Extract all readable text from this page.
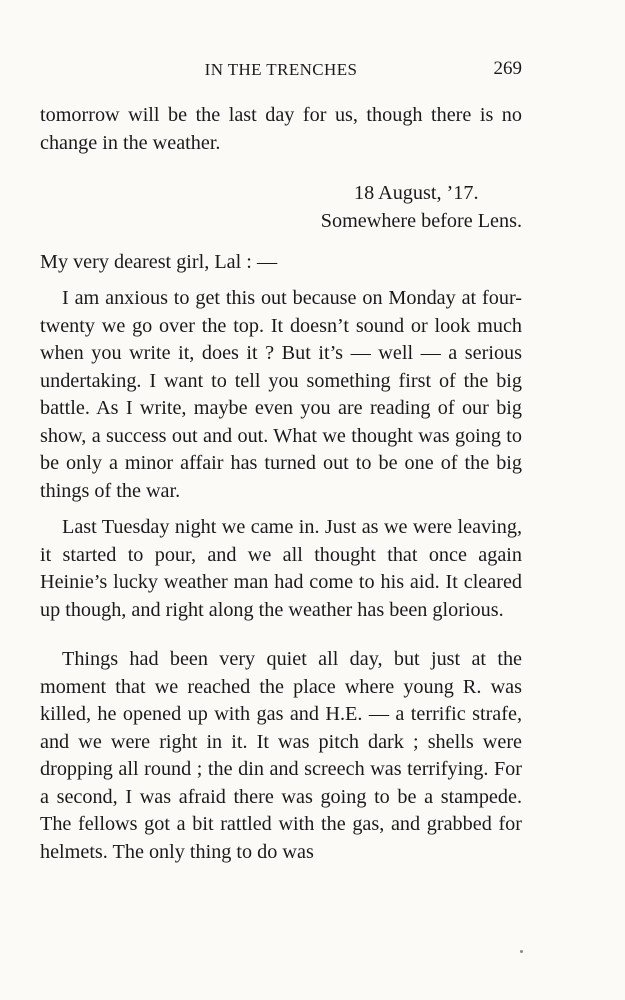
IN THE TRENCHES	269

tomorrow will be the last day for us, though there is no change in the weather.

18 August, ’17.
Somewhere before Lens.

My very dearest girl, Lal : —

I am anxious to get this out because on Monday at four-twenty we go over the top. It doesn’t sound or look much when you write it, does it ? But it’s — well — a serious undertaking. I want to tell you something first of the big battle. As I write, maybe even you are reading of our big show, a success out and out. What we thought was going to be only a minor affair has turned out to be one of the big things of the war.

Last Tuesday night we came in. Just as we were leaving, it started to pour, and we all thought that once again Heinie’s lucky weather man had come to his aid. It cleared up though, and right along the weather has been glorious.

Things had been very quiet all day, but just at the moment that we reached the place where young R. was killed, he opened up with gas and H.E. — a terrific strafe, and we were right in it. It was pitch dark ; shells were dropping all round ; the din and screech was terrifying. For a second, I was afraid there was going to be a stampede. The fellows got a bit rattled with the gas, and grabbed for helmets. The only thing to do was
